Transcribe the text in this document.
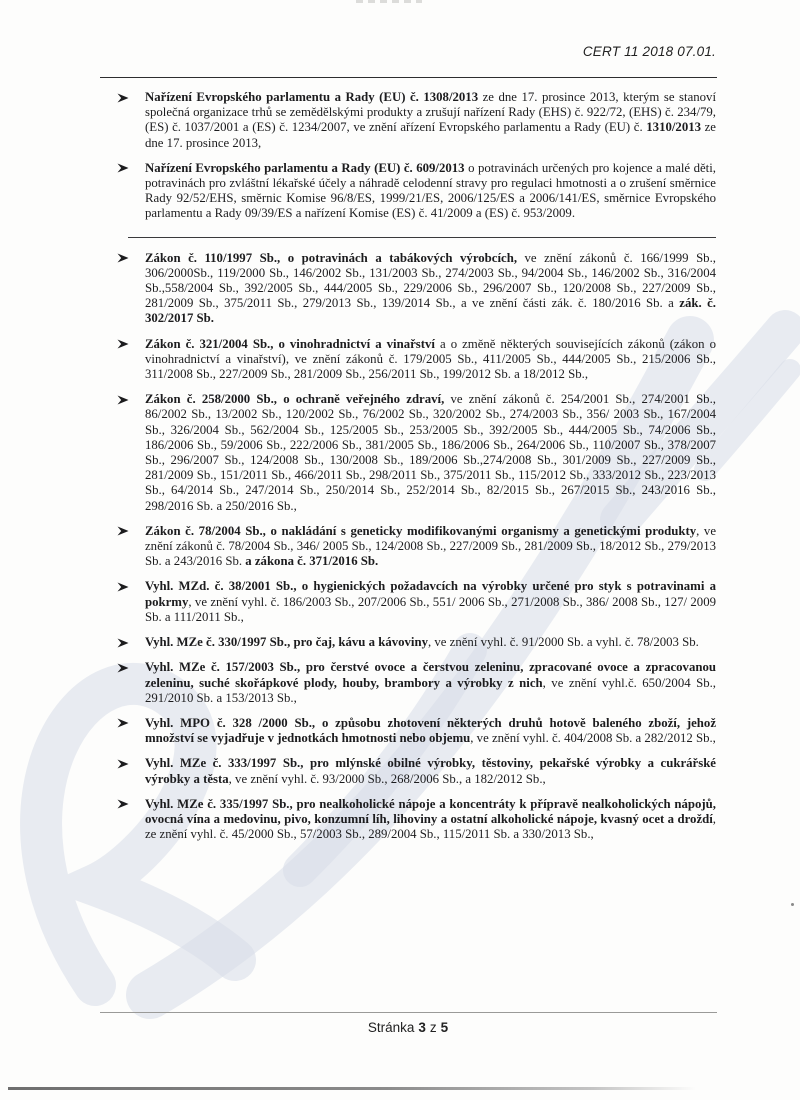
CERT 11 2018 07.01.
Nařízení Evropského parlamentu a Rady (EU) č. 1308/2013 ze dne 17. prosince 2013, kterým se stanoví společná organizace trhů se zemědělskými produkty a zrušují nařízení Rady (EHS) č. 922/72, (EHS) č. 234/79, (ES) č. 1037/2001 a (ES) č. 1234/2007, ve znění ařízení Evropského parlamentu a Rady (EU) č. 1310/2013 ze dne 17. prosince 2013,
Nařízení Evropského parlamentu a Rady (EU) č. 609/2013 o potravinách určených pro kojence a malé děti, potravinách pro zvláštní lékařské účely a náhradě celodenní stravy pro regulaci hmotnosti a o zrušení směrnice Rady 92/52/EHS, směrnic Komise 96/8/ES, 1999/21/ES, 2006/125/ES a 2006/141/ES, směrnice Evropského parlamentu a Rady 09/39/ES a nařízení Komise (ES) č. 41/2009 a (ES) č. 953/2009.
Zákon č. 110/1997 Sb., o potravinách a tabákových výrobcích, ve znění zákonů č. 166/1999 Sb., 306/2000Sb., 119/2000 Sb., 146/2002 Sb., 131/2003 Sb., 274/2003 Sb., 94/2004 Sb., 146/2002 Sb., 316/2004 Sb.,558/2004 Sb., 392/2005 Sb., 444/2005 Sb., 229/2006 Sb., 296/2007 Sb., 120/2008 Sb., 227/2009 Sb., 281/2009 Sb., 375/2011 Sb., 279/2013 Sb., 139/2014 Sb., a ve znění části zák. č. 180/2016 Sb. a zák. č. 302/2017 Sb.
Zákon č. 321/2004 Sb., o vinohradnictví a vinařství a o změně některých souvisejících zákonů (zákon o vinohradnictví a vinařství), ve znění zákonů č. 179/2005 Sb., 411/2005 Sb., 444/2005 Sb., 215/2006 Sb., 311/2008 Sb., 227/2009 Sb., 281/2009 Sb., 256/2011 Sb., 199/2012 Sb. a 18/2012 Sb.,
Zákon č. 258/2000 Sb., o ochraně veřejného zdraví, ve znění zákonů č. 254/2001 Sb., 274/2001 Sb., 86/2002 Sb., 13/2002 Sb., 120/2002 Sb., 76/2002 Sb., 320/2002 Sb., 274/2003 Sb., 356/ 2003 Sb., 167/2004 Sb., 326/2004 Sb., 562/2004 Sb., 125/2005 Sb., 253/2005 Sb., 392/2005 Sb., 444/2005 Sb., 74/2006 Sb., 186/2006 Sb., 59/2006 Sb., 222/2006 Sb., 381/2005 Sb., 186/2006 Sb., 264/2006 Sb., 110/2007 Sb., 378/2007 Sb., 296/2007 Sb., 124/2008 Sb., 130/2008 Sb., 189/2006 Sb.,274/2008 Sb., 301/2009 Sb., 227/2009 Sb., 281/2009 Sb., 151/2011 Sb., 466/2011 Sb., 298/2011 Sb., 375/2011 Sb., 115/2012 Sb., 333/2012 Sb., 223/2013 Sb., 64/2014 Sb., 247/2014 Sb., 250/2014 Sb., 252/2014 Sb., 82/2015 Sb., 267/2015 Sb., 243/2016 Sb., 298/2016 Sb. a 250/2016 Sb.,
Zákon č. 78/2004 Sb., o nakládání s geneticky modifikovanými organismy a genetickými produkty, ve znění zákonů č. 78/2004 Sb., 346/ 2005 Sb., 124/2008 Sb., 227/2009 Sb., 281/2009 Sb., 18/2012 Sb., 279/2013 Sb. a 243/2016 Sb. a zákona č. 371/2016 Sb.
Vyhl. MZd. č. 38/2001 Sb., o hygienických požadavcích na výrobky určené pro styk s potravinami a pokrmy, ve znění vyhl. č. 186/2003 Sb., 207/2006 Sb., 551/ 2006 Sb., 271/2008 Sb., 386/ 2008 Sb., 127/ 2009 Sb. a 111/2011 Sb.,
Vyhl. MZe č. 330/1997 Sb., pro čaj, kávu a kávoviny, ve znění vyhl. č. 91/2000 Sb. a vyhl. č. 78/2003 Sb.
Vyhl. MZe č. 157/2003 Sb., pro čerstvé ovoce a čerstvou zeleninu, zpracované ovoce a zpracovanou zeleninu, suché skořápkové plody, houby, brambory a výrobky z nich, ve znění vyhl.č. 650/2004 Sb., 291/2010 Sb. a 153/2013 Sb.,
Vyhl. MPO č. 328 /2000 Sb., o způsobu zhotovení některých druhů hotově baleného zboží, jehož množství se vyjadřuje v jednotkách hmotnosti nebo objemu, ve znění vyhl. č. 404/2008 Sb. a 282/2012 Sb.,
Vyhl. MZe č. 333/1997 Sb., pro mlýnské obilné výrobky, těstoviny, pekařské výrobky a cukrářské výrobky a těsta, ve znění vyhl. č. 93/2000 Sb., 268/2006 Sb., a 182/2012 Sb.,
Vyhl. MZe č. 335/1997 Sb., pro nealkoholické nápoje a koncentráty k přípravě nealkoholických nápojů, ovocná vína a medovinu, pivo, konzumní líh, lihoviny a ostatní alkoholické nápoje, kvasný ocet a droždí, ze znění vyhl. č. 45/2000 Sb., 57/2003 Sb., 289/2004 Sb., 115/2011 Sb. a 330/2013 Sb.,
Stránka 3 z 5
